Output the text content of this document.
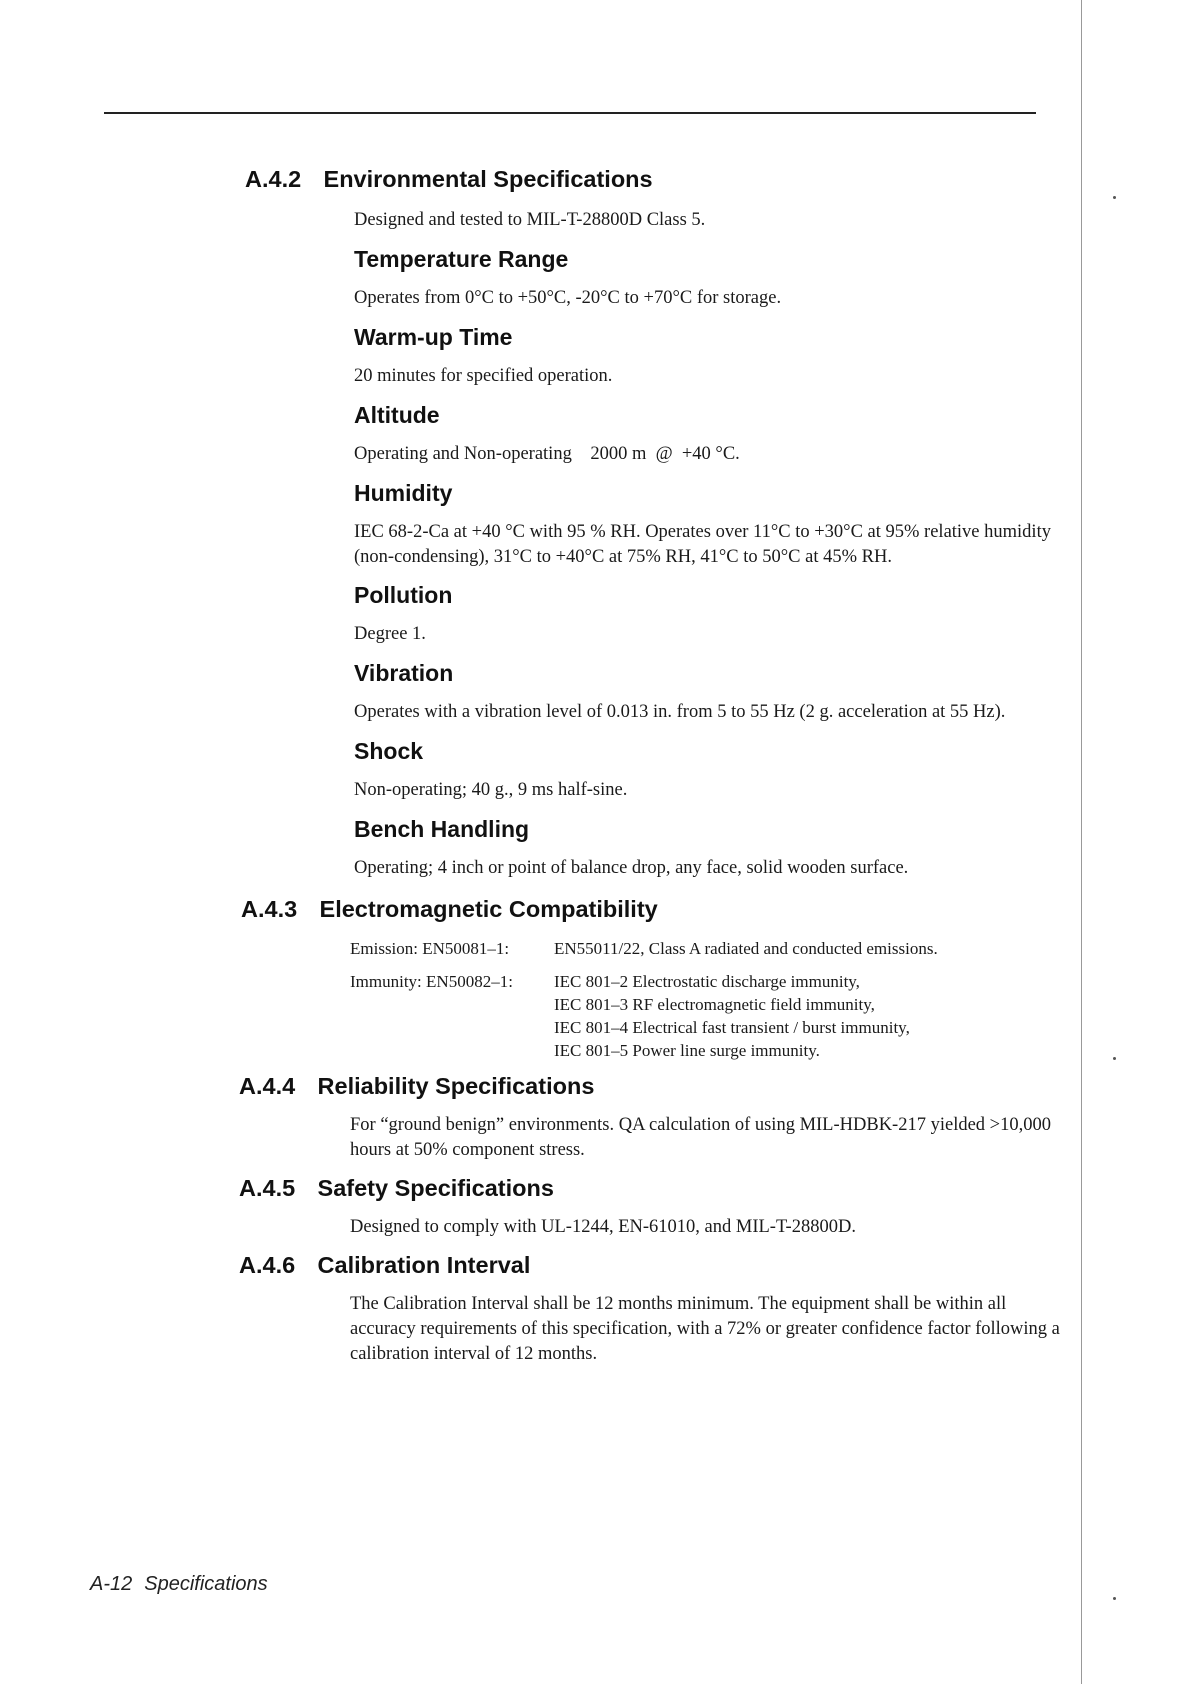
A.4.2 Environmental Specifications

Designed and tested to MIL-T-28800D Class 5.

Temperature Range

Operates from 0°C to +50°C, -20°C to +70°C for storage.

Warm-up Time

20 minutes for specified operation.

Altitude

Operating and Non-operating    2000 m  @  +40 °C.

Humidity

IEC 68-2-Ca at +40 °C with 95 % RH. Operates over 11°C to +30°C at 95% relative humidity (non-condensing), 31°C to +40°C at 75% RH, 41°C to 50°C at 45% RH.

Pollution

Degree 1.

Vibration

Operates with a vibration level of 0.013 in. from 5 to 55 Hz (2 g. acceleration at 55 Hz).

Shock

Non-operating; 40 g., 9 ms half-sine.

Bench Handling

Operating; 4 inch or point of balance drop, any face, solid wooden surface.

A.4.3 Electromagnetic Compatibility
Emission: EN50081–1:	EN55011/22, Class A radiated and conducted emissions.
Immunity: EN50082–1: IEC 801–2 Electrostatic discharge immunity,
IEC 801–3 RF electromagnetic field immunity,
IEC 801–4 Electrical fast transient / burst immunity,
IEC 801–5 Power line surge immunity.
A.4.4 Reliability Specifications

For “ground benign” environments. QA calculation of using MIL-HDBK-217 yielded >10,000 hours at 50% component stress.

A.4.5 Safety Specifications

Designed to comply with UL-1244, EN-61010, and MIL-T-28800D.

A.4.6 Calibration Interval

The Calibration Interval shall be 12 months minimum. The equipment shall be within all accuracy requirements of this specification, with a 72% or greater confidence factor following a calibration interval of 12 months.

A-12 Specifications
